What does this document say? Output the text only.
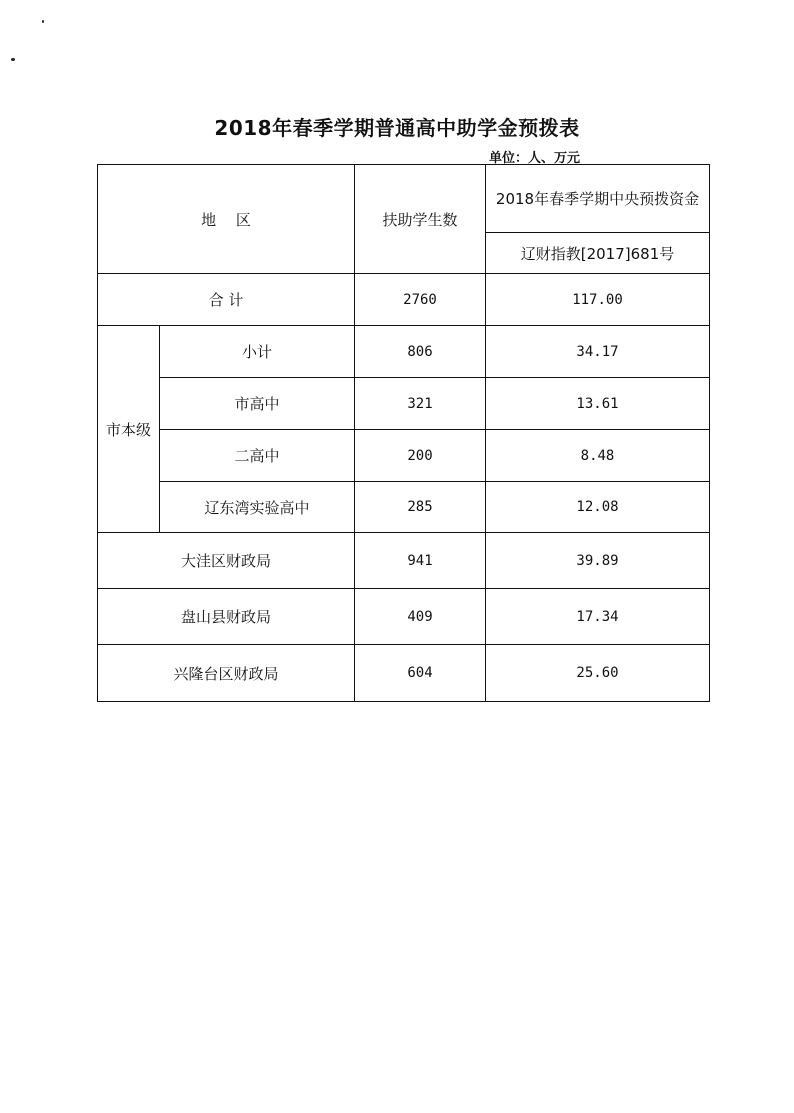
2018年春季学期普通高中助学金预拨表
单位：人、万元
地　 区		扶助学生数	2018年春季学期中央预拨资金
			辽财指教[2017]681号
合 计		2760	117.00
市本级	小计	806	34.17
	市高中	321	13.61
	二高中	200	8.48
	辽东湾实验高中	285	12.08
大洼区财政局		941	39.89
盘山县财政局		409	17.34
兴隆台区财政局		604	25.60
